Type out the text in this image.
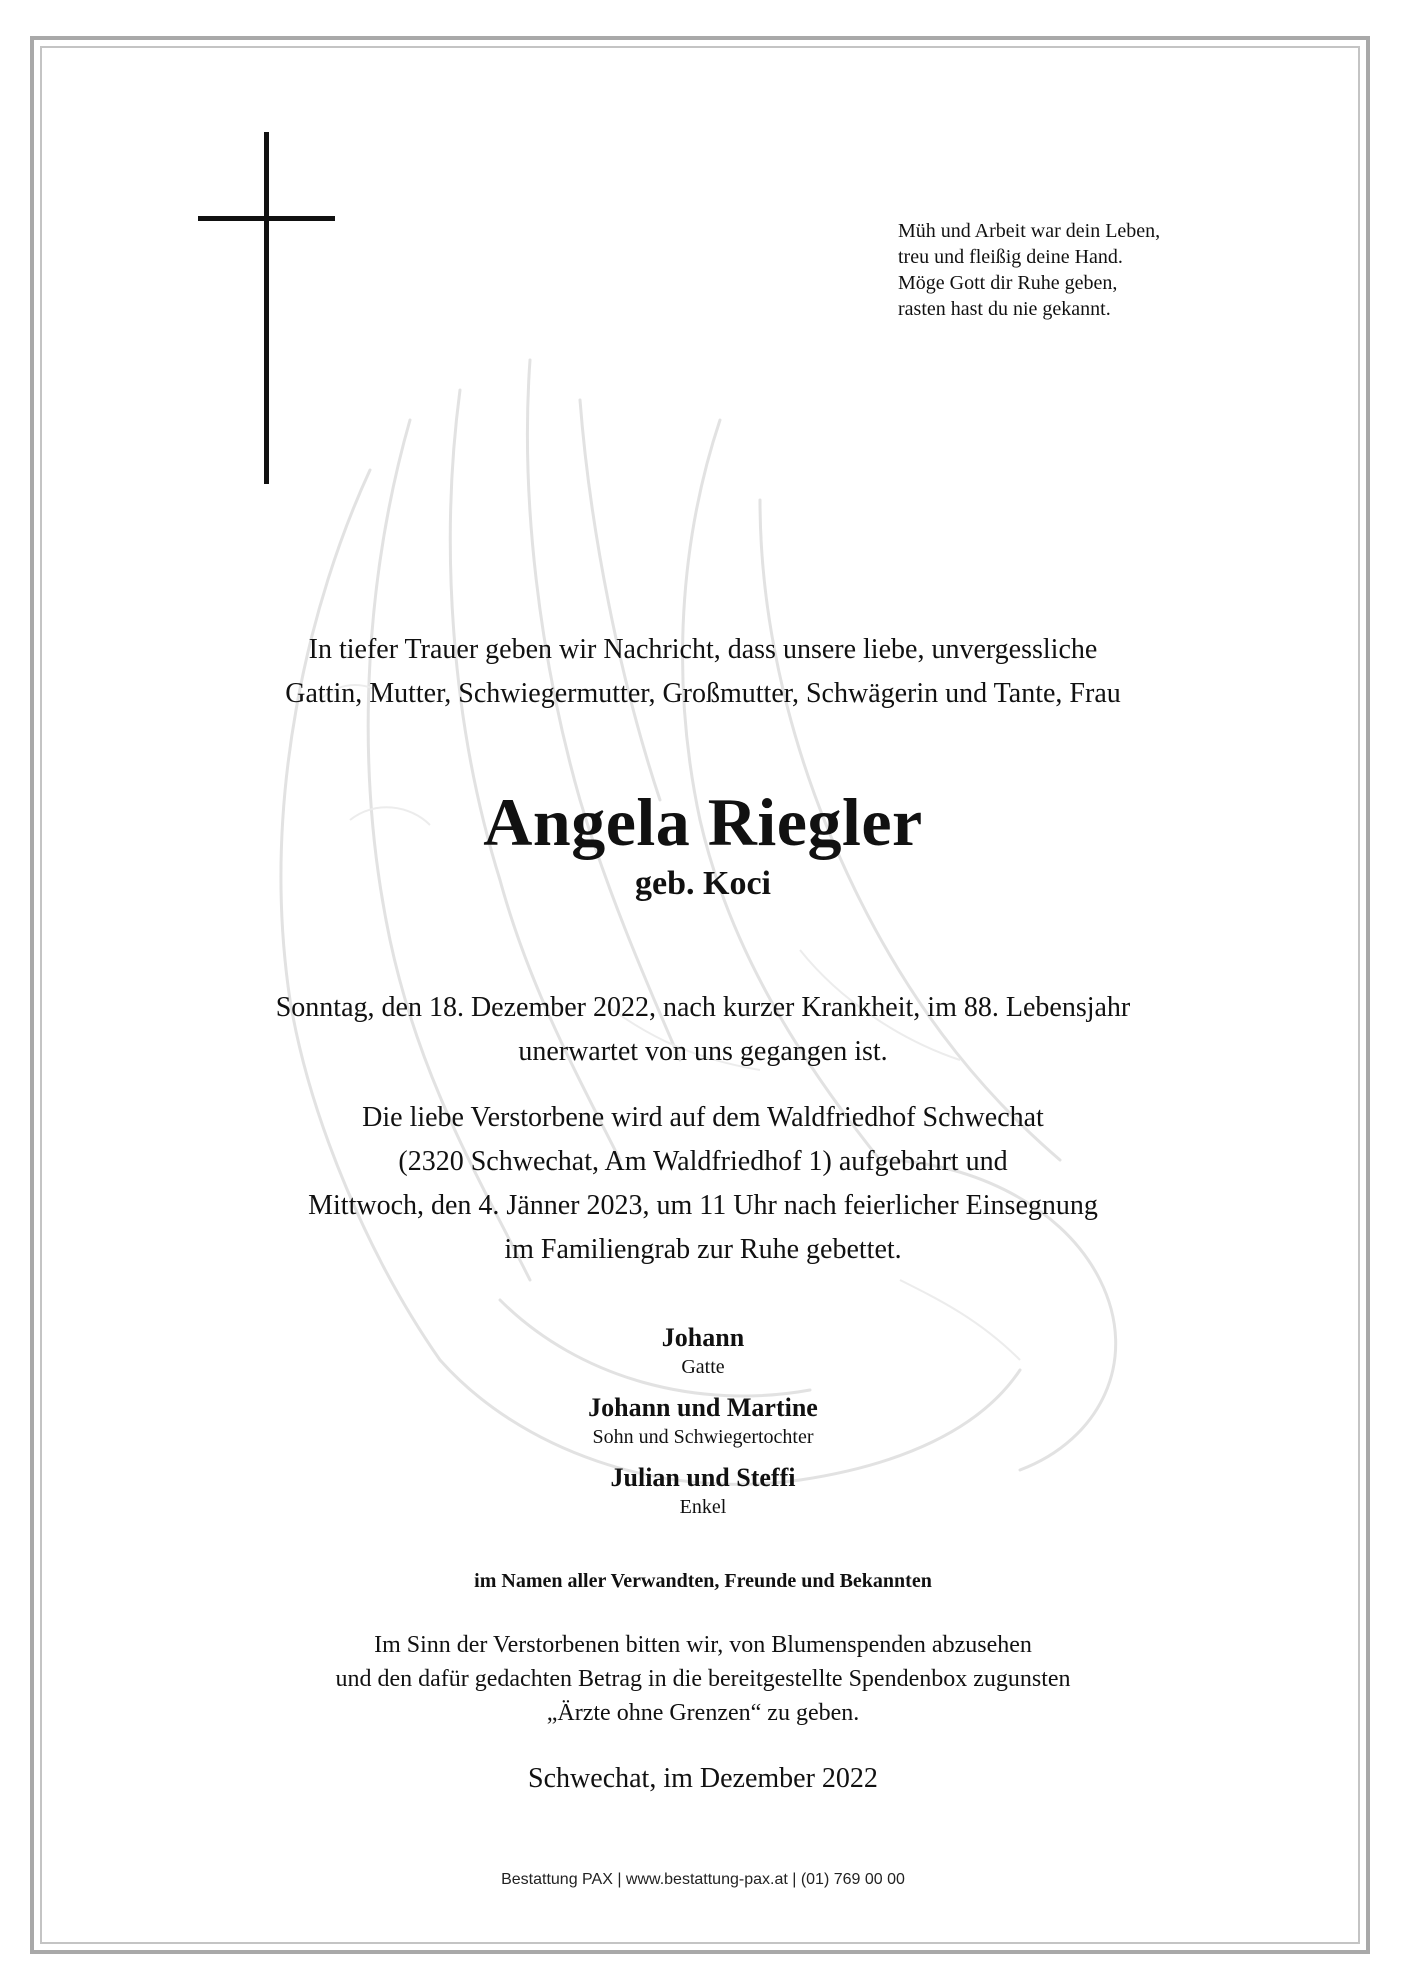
Müh und Arbeit war dein Leben,
treu und fleißig deine Hand.
Möge Gott dir Ruhe geben,
rasten hast du nie gekannt.
In tiefer Trauer geben wir Nachricht, dass unsere liebe, unvergessliche
Gattin, Mutter, Schwiegermutter, Großmutter, Schwägerin und Tante, Frau
Angela Riegler
geb. Koci
Sonntag, den 18. Dezember 2022, nach kurzer Krankheit, im 88. Lebensjahr
unerwartet von uns gegangen ist.
Die liebe Verstorbene wird auf dem Waldfriedhof Schwechat
(2320 Schwechat, Am Waldfriedhof 1) aufgebahrt und
Mittwoch, den 4. Jänner 2023, um 11 Uhr nach feierlicher Einsegnung
im Familiengrab zur Ruhe gebettet.
Johann
Gatte
Johann und Martine
Sohn und Schwiegertochter
Julian und Steffi
Enkel
im Namen aller Verwandten, Freunde und Bekannten
Im Sinn der Verstorbenen bitten wir, von Blumenspenden abzusehen
und den dafür gedachten Betrag in die bereitgestellte Spendenbox zugunsten
„Ärzte ohne Grenzen“ zu geben.
Schwechat, im Dezember 2022
Bestattung PAX | www.bestattung-pax.at | (01) 769 00 00
